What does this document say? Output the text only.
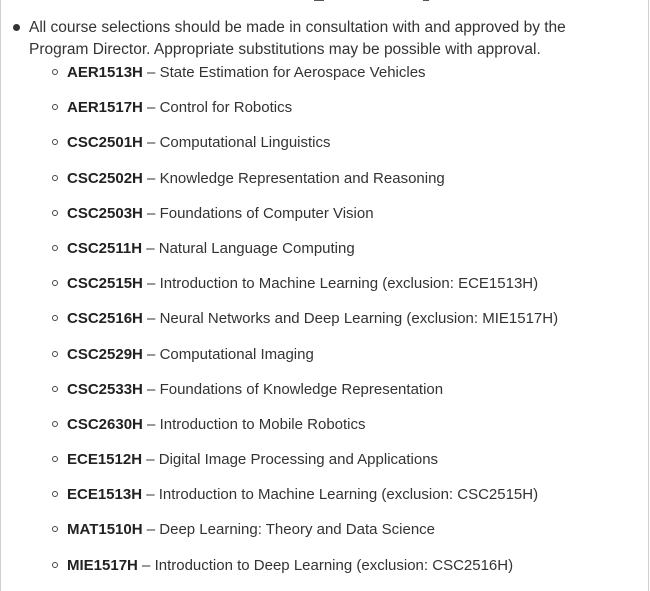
All course selections should be made in consultation with and approved by the Program Director. Appropriate substitutions may be possible with approval.
AER1513H – State Estimation for Aerospace Vehicles
AER1517H – Control for Robotics
CSC2501H – Computational Linguistics
CSC2502H – Knowledge Representation and Reasoning
CSC2503H – Foundations of Computer Vision
CSC2511H – Natural Language Computing
CSC2515H – Introduction to Machine Learning (exclusion: ECE1513H)
CSC2516H – Neural Networks and Deep Learning (exclusion: MIE1517H)
CSC2529H – Computational Imaging
CSC2533H – Foundations of Knowledge Representation
CSC2630H – Introduction to Mobile Robotics
ECE1512H – Digital Image Processing and Applications
ECE1513H – Introduction to Machine Learning (exclusion: CSC2515H)
MAT1510H – Deep Learning: Theory and Data Science
MIE1517H – Introduction to Deep Learning (exclusion: CSC2516H)
